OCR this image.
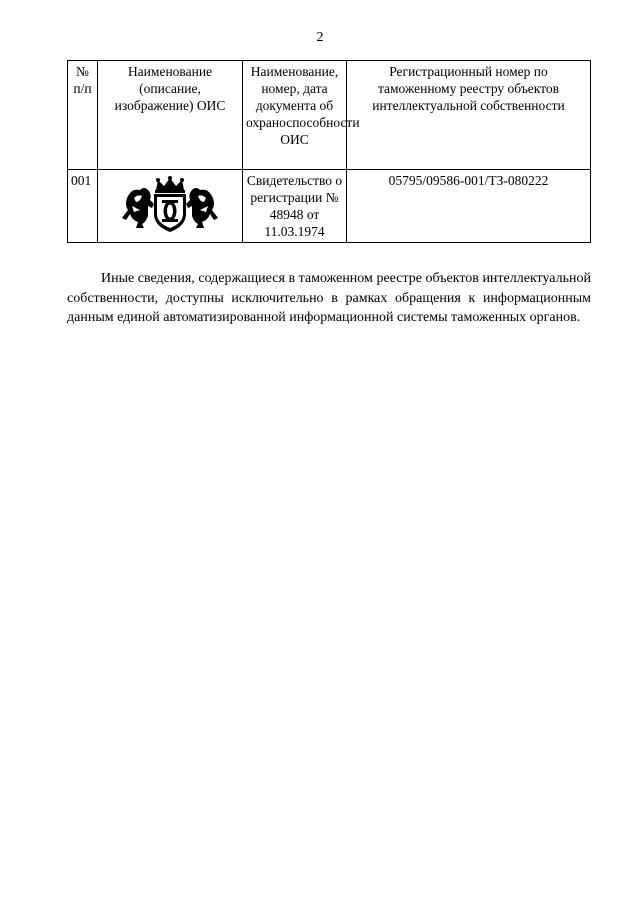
2
№ п/п	Наименование (описание, изображение) ОИС	Наименование, номер, дата документа об охраноспособности ОИС	Регистрационный номер по таможенному реестру объектов интеллектуальной собственности
001		Свидетельство о регистрации № 48948 от 11.03.1974	05795/09586-001/ТЗ-080222
Иные сведения, содержащиеся в таможенном реестре объектов интеллектуальной собственности, доступны исключительно в рамках обращения к информационным данным единой автоматизированной информационной системы таможенных органов.
